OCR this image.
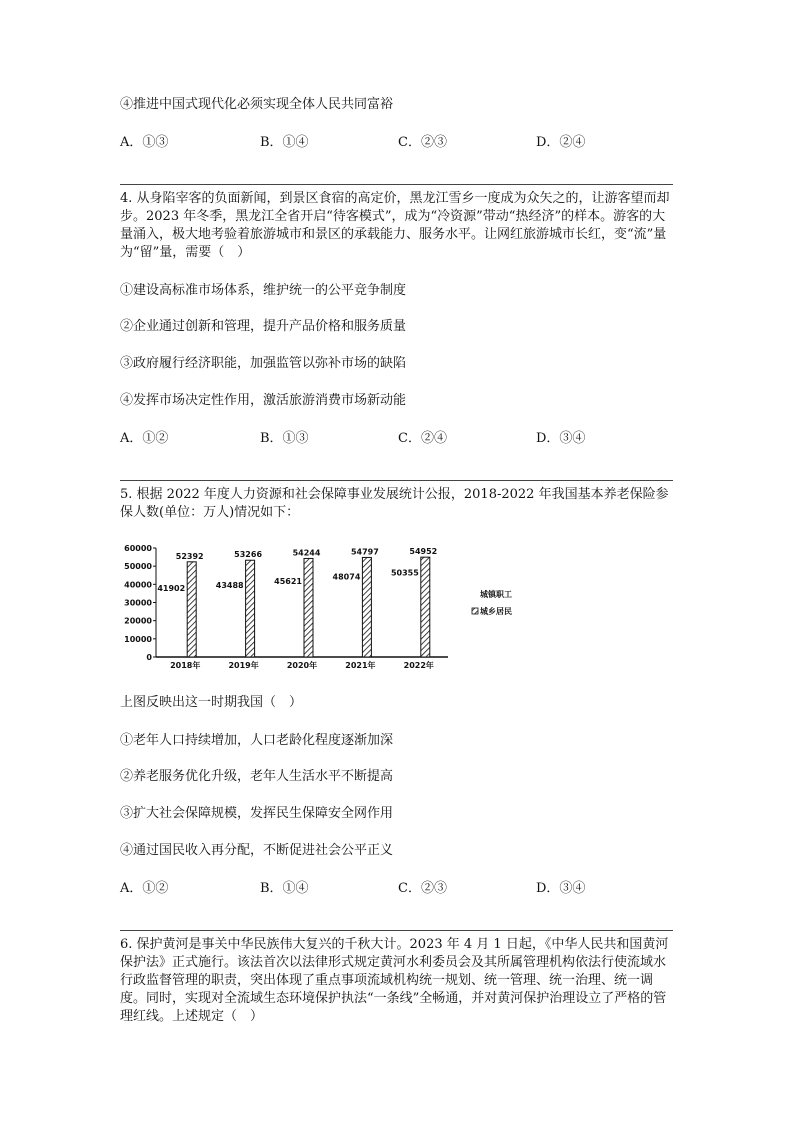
④推进中国式现代化必须实现全体人民共同富裕
A．①③	B．①④	C．②③	D．②④
4. 从身陷宰客的负面新闻，到景区食宿的高定价，黑龙江雪乡一度成为众矢之的，让游客望而却步。2023 年冬季，黑龙江全省开启“待客模式”，成为“冷资源”带动“热经济”的样本。游客的大量涌入，极大地考验着旅游城市和景区的承载能力、服务水平。让网红旅游城市长红，变“流”量为“留”量，需要（　）
①建设高标准市场体系，维护统一的公平竞争制度
②企业通过创新和管理，提升产品价格和服务质量
③政府履行经济职能，加强监管以弥补市场的缺陷
④发挥市场决定性作用，激活旅游消费市场新动能
A．①②	B．①③	C．②④	D．③④
5. 根据 2022 年度人力资源和社会保障事业发展统计公报，2018-2022 年我国基本养老保险参保人数(单位：万人)情况如下：
0
10000
20000
30000
40000
50000
60000
52392
41902
2018年
53266
43488
2019年
54244
45621
2020年
54797
48074
2021年
54952
50355
2022年
城镇职工
城乡居民
上图反映出这一时期我国（　）
①老年人口持续增加，人口老龄化程度逐渐加深
②养老服务优化升级，老年人生活水平不断提高
③扩大社会保障规模，发挥民生保障安全网作用
④通过国民收入再分配，不断促进社会公平正义
A．①②	B．①④	C．②③	D．③④
6. 保护黄河是事关中华民族伟大复兴的千秋大计。2023 年 4 月 1 日起，《中华人民共和国黄河保护法》正式施行。该法首次以法律形式规定黄河水利委员会及其所属管理机构依法行使流域水行政监督管理的职责，突出体现了重点事项流域机构统一规划、统一管理、统一治理、统一调度。同时，实现对全流域生态环境保护执法“一条线”全畅通，并对黄河保护治理设立了严格的管理红线。上述规定（　）
